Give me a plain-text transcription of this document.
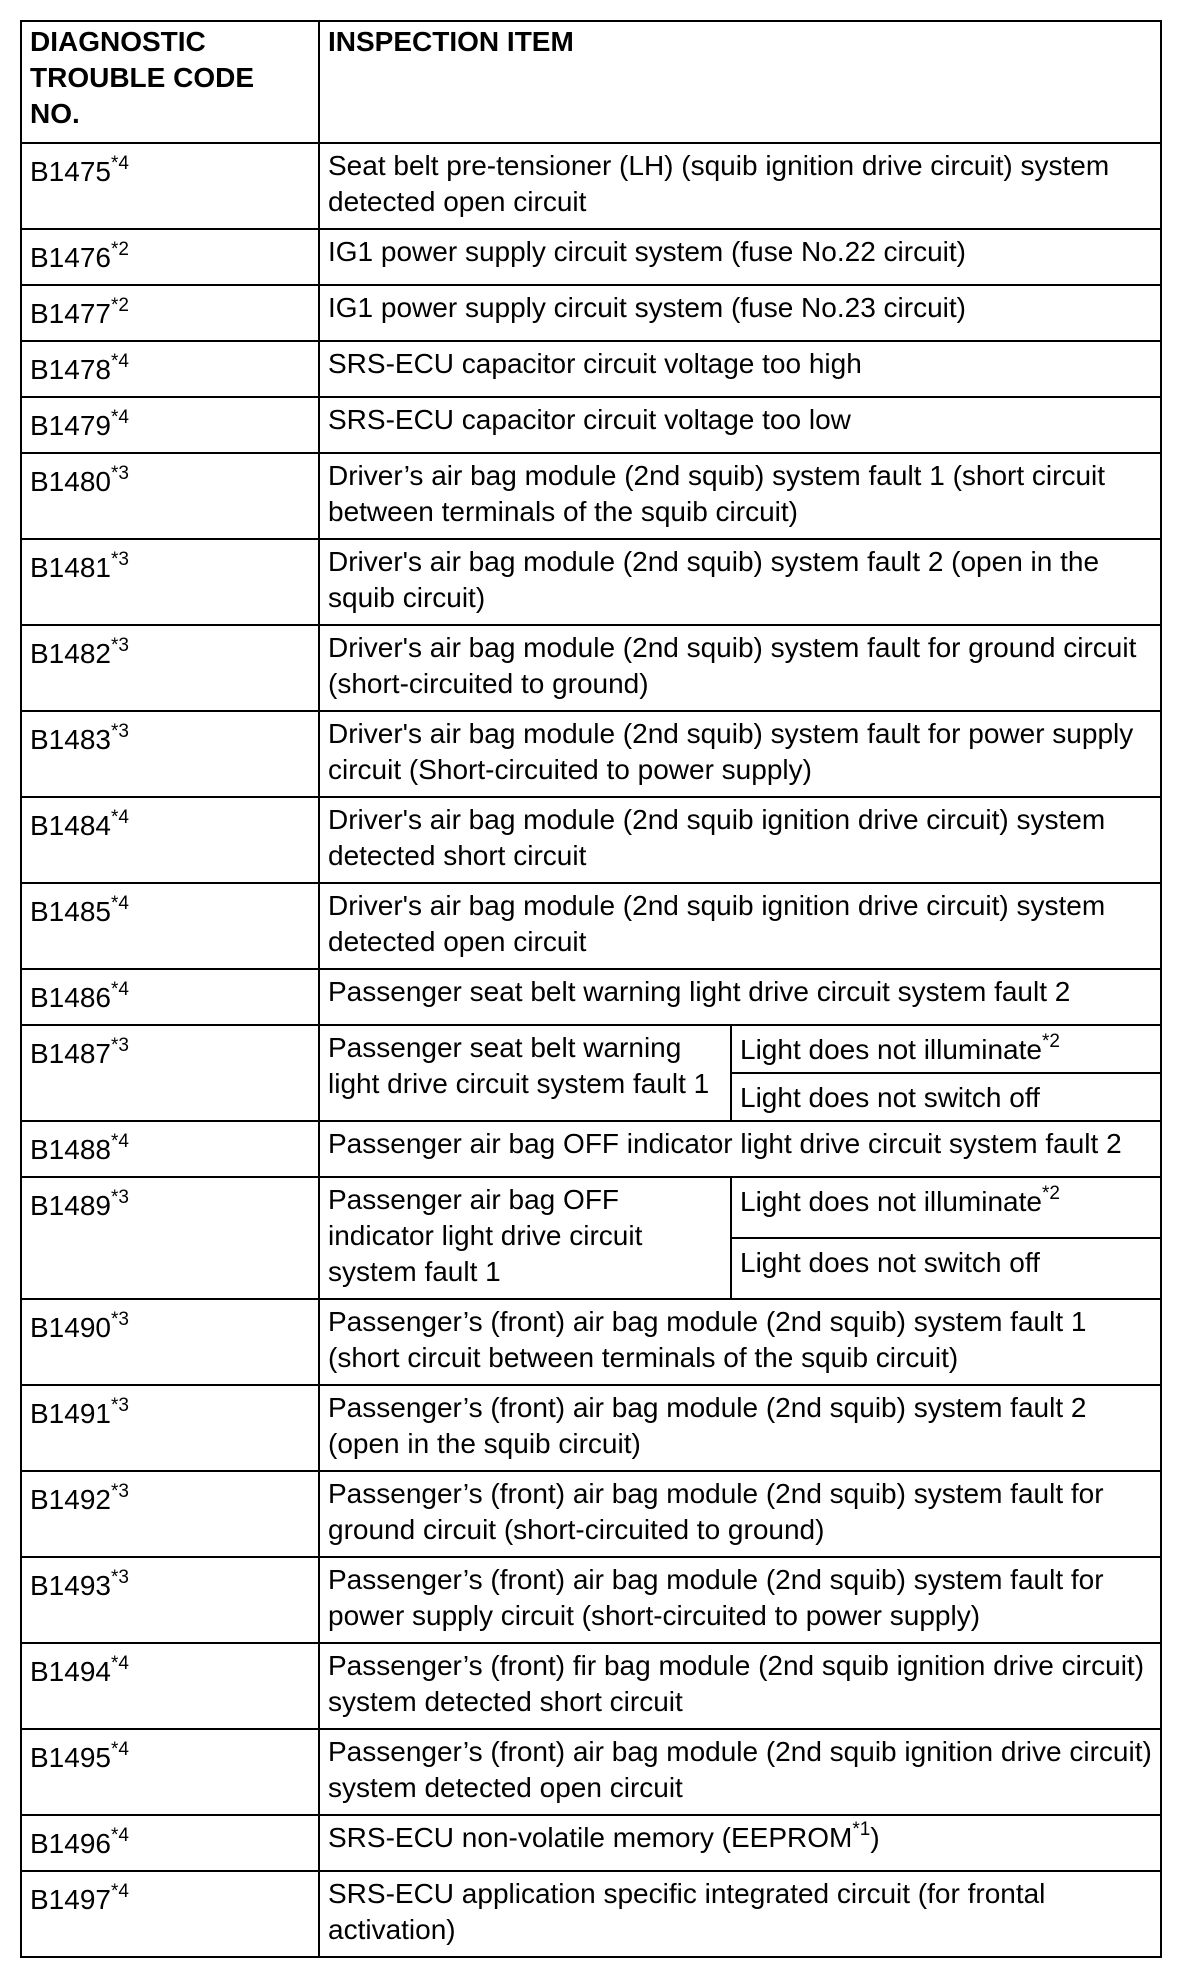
DIAGNOSTIC
TROUBLE CODE
NO.	INSPECTION ITEM	
B1475$^{*4}$	Seat belt pre-tensioner (LH) (squib ignition drive circuit) system detected open circuit	
B1476$^{*2}$	IG1 power supply circuit system (fuse No.22 circuit)	
B1477$^{*2}$	IG1 power supply circuit system (fuse No.23 circuit)	
B1478$^{*4}$	SRS-ECU capacitor circuit voltage too high	
B1479$^{*4}$	SRS-ECU capacitor circuit voltage too low	
B1480$^{*3}$	Driver’s air bag module (2nd squib) system fault 1 (short circuit between terminals of the squib circuit)	
B1481$^{*3}$	Driver's air bag module (2nd squib) system fault 2 (open in the squib circuit)	
B1482$^{*3}$	Driver's air bag module (2nd squib) system fault for ground circuit (short-circuited to ground)	
B1483$^{*3}$	Driver's air bag module (2nd squib) system fault for power supply circuit (Short-circuited to power supply)	
B1484$^{*4}$	Driver's air bag module (2nd squib ignition drive circuit) system detected short circuit	
B1485$^{*4}$	Driver's air bag module (2nd squib ignition drive circuit) system detected open circuit	
B1486$^{*4}$	Passenger seat belt warning light drive circuit system fault 2	
B1487$^{*3}$	Passenger seat belt warning light drive circuit system fault 1	Light does not illuminate$^{*2}$
		Light does not switch off
B1488$^{*4}$	Passenger air bag OFF indicator light drive circuit system fault 2	
B1489$^{*3}$	Passenger air bag OFF indicator light drive circuit system fault 1	Light does not illuminate$^{*2}$
		Light does not switch off
B1490$^{*3}$	Passenger’s (front) air bag module (2nd squib) system fault 1 (short circuit between terminals of the squib circuit)	
B1491$^{*3}$	Passenger’s (front) air bag module (2nd squib) system fault 2 (open in the squib circuit)	
B1492$^{*3}$	Passenger’s (front) air bag module (2nd squib) system fault for ground circuit (short-circuited to ground)	
B1493$^{*3}$	Passenger’s (front) air bag module (2nd squib) system fault for power supply circuit (short-circuited to power supply)	
B1494$^{*4}$	Passenger’s (front) fir bag module (2nd squib ignition drive circuit) system detected short circuit	
B1495$^{*4}$	Passenger’s (front) air bag module (2nd squib ignition drive circuit) system detected open circuit	
B1496$^{*4}$	SRS-ECU non-volatile memory (EEPROM$^{*1}$)	
B1497$^{*4}$	SRS-ECU application specific integrated circuit (for frontal activation)	
